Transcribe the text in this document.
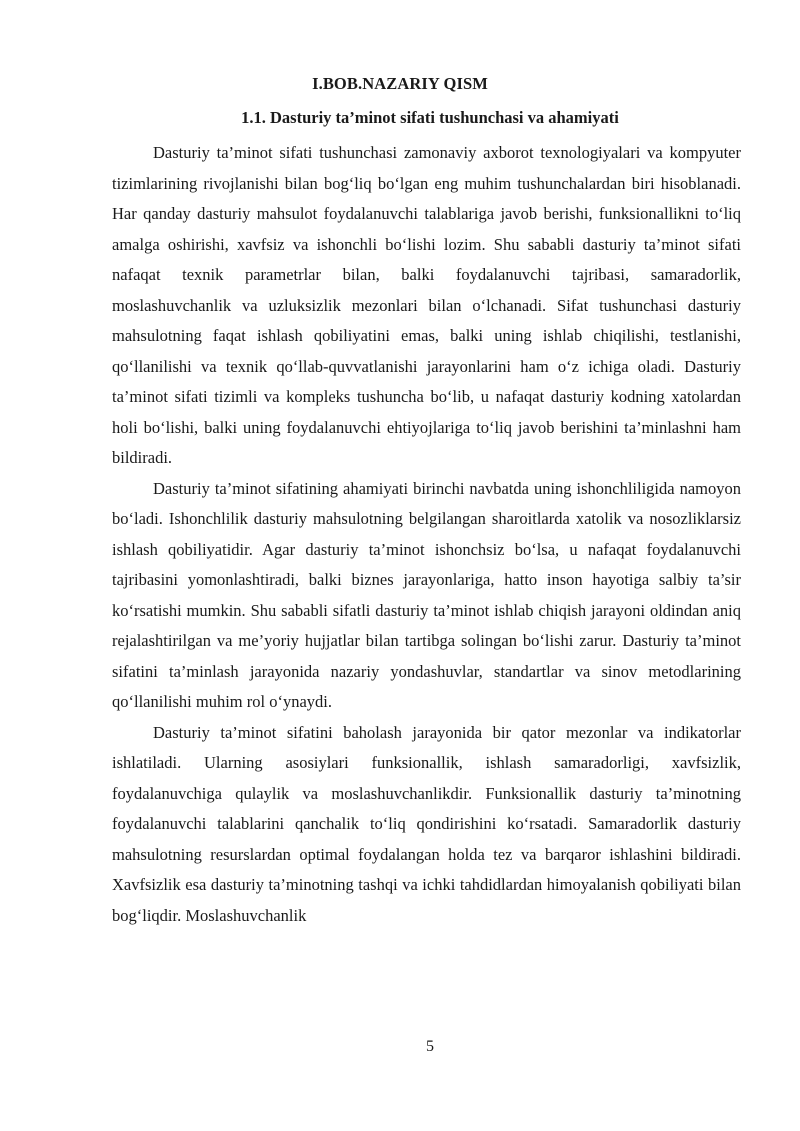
I.BOB.NAZARIY QISM
1.1. Dasturiy ta’minot sifati tushunchasi va ahamiyati

Dasturiy ta’minot sifati tushunchasi zamonaviy axborot texnologiyalari va kompyuter tizimlarining rivojlanishi bilan bog‘liq bo‘lgan eng muhim tushunchalardan biri hisoblanadi. Har qanday dasturiy mahsulot foydalanuvchi talablariga javob berishi, funksionallikni to‘liq amalga oshirishi, xavfsiz va ishonchli bo‘lishi lozim. Shu sababli dasturiy ta’minot sifati nafaqat texnik parametrlar bilan, balki foydalanuvchi tajribasi, samaradorlik, moslashuvchanlik va uzluksizlik mezonlari bilan o‘lchanadi. Sifat tushunchasi dasturiy mahsulotning faqat ishlash qobiliyatini emas, balki uning ishlab chiqilishi, testlanishi, qo‘llanilishi va texnik qo‘llab-quvvatlanishi jarayonlarini ham o‘z ichiga oladi. Dasturiy ta’minot sifati tizimli va kompleks tushuncha bo‘lib, u nafaqat dasturiy kodning xatolardan holi bo‘lishi, balki uning foydalanuvchi ehtiyojlariga to‘liq javob berishini ta’minlashni ham bildiradi.

Dasturiy ta’minot sifatining ahamiyati birinchi navbatda uning ishonchliligida namoyon bo‘ladi. Ishonchlilik dasturiy mahsulotning belgilangan sharoitlarda xatolik va nosozliklarsiz ishlash qobiliyatidir. Agar dasturiy ta’minot ishonchsiz bo‘lsa, u nafaqat foydalanuvchi tajribasini yomonlashtiradi, balki biznes jarayonlariga, hatto inson hayotiga salbiy ta’sir ko‘rsatishi mumkin. Shu sababli sifatli dasturiy ta’minot ishlab chiqish jarayoni oldindan aniq rejalashtirilgan va me’yoriy hujjatlar bilan tartibga solingan bo‘lishi zarur. Dasturiy ta’minot sifatini ta’minlash jarayonida nazariy yondashuvlar, standartlar va sinov metodlarining qo‘llanilishi muhim rol o‘ynaydi.

Dasturiy ta’minot sifatini baholash jarayonida bir qator mezonlar va indikatorlar ishlatiladi. Ularning asosiylari funksionallik, ishlash samaradorligi, xavfsizlik, foydalanuvchiga qulaylik va moslashuvchanlikdir. Funksionallik dasturiy ta’minotning foydalanuvchi talablarini qanchalik to‘liq qondirishini ko‘rsatadi. Samaradorlik dasturiy mahsulotning resurslardan optimal foydalangan holda tez va barqaror ishlashini bildiradi. Xavfsizlik esa dasturiy ta’minotning tashqi va ichki tahdidlardan himoyalanish qobiliyati bilan bog‘liqdir. Moslashuvchanlik

5
